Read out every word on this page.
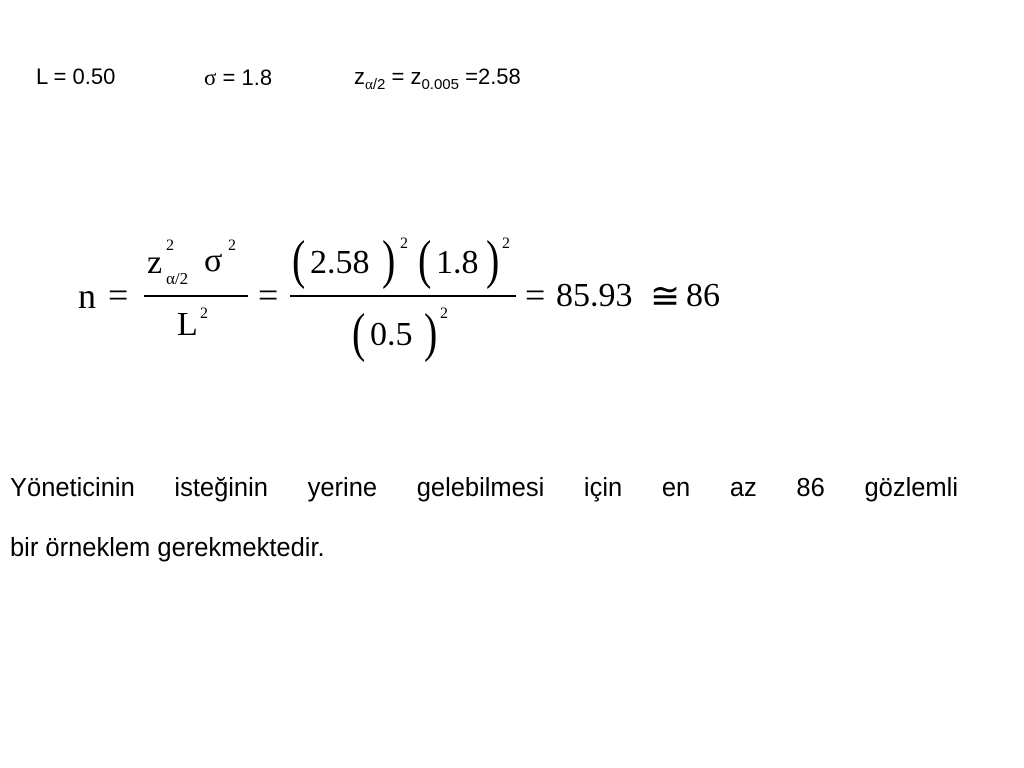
L = 0.50	σ = 1.8	$z_{\alpha/2} = z_{0.005} =2.58$
n =
z 2
α/2 σ 2
L 2 =
( 2.58 ) 2 ( 1.8 ) 2
( 0.5 ) 2 = 85.93 ≅ 86
Yöneticinin isteğinin yerine gelebilmesi için en az 86 gözlemli
bir örneklem gerekmektedir.
